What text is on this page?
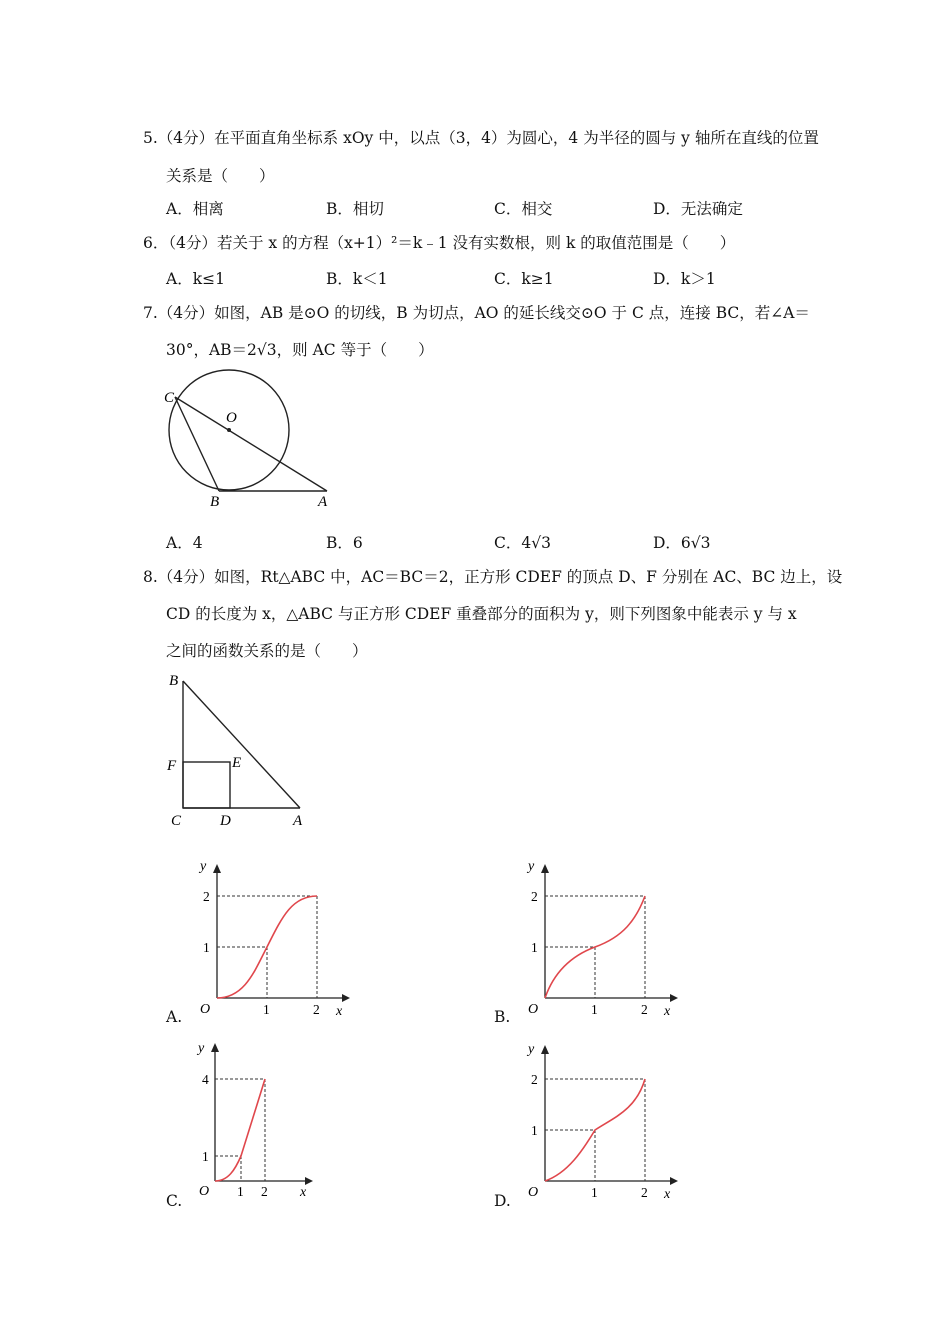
5.（4分）在平面直角坐标系 xOy 中，以点（3，4）为圆心，4 为半径的圆与 y 轴所在直线的位置
关系是（　　）
A．相离	B．相切	C．相交	D．无法确定
6．（4分）若关于 x 的方程（x+1）²＝k﹣1 没有实数根，则 k 的取值范围是（　　）
A．k≤1	B．k＜1	C．k≥1	D．k＞1
7.（4分）如图，AB 是⊙O 的切线，B 为切点，AO 的延长线交⊙O 于 C 点，连接 BC，若∠A＝
30°，AB＝2√3，则 AC 等于（　　）
C
O
B	A
A．4	B．6	C．4√3	D．6√3
8.（4分）如图，Rt△ABC 中，AC＝BC＝2，正方形 CDEF 的顶点 D、F 分别在 AC、BC 边上，设
CD 的长度为 x，△ABC 与正方形 CDEF 重叠部分的面积为 y，则下列图象中能表示 y 与 x
之间的函数关系的是（　　）
B
F	E
C	D	A
A.
y
x
O	1	2
1
2
B.
y
x
O	1	2
1
2
C.
y
x
O 1 2
1
4
D.
y
x
O	1	2
1
2
